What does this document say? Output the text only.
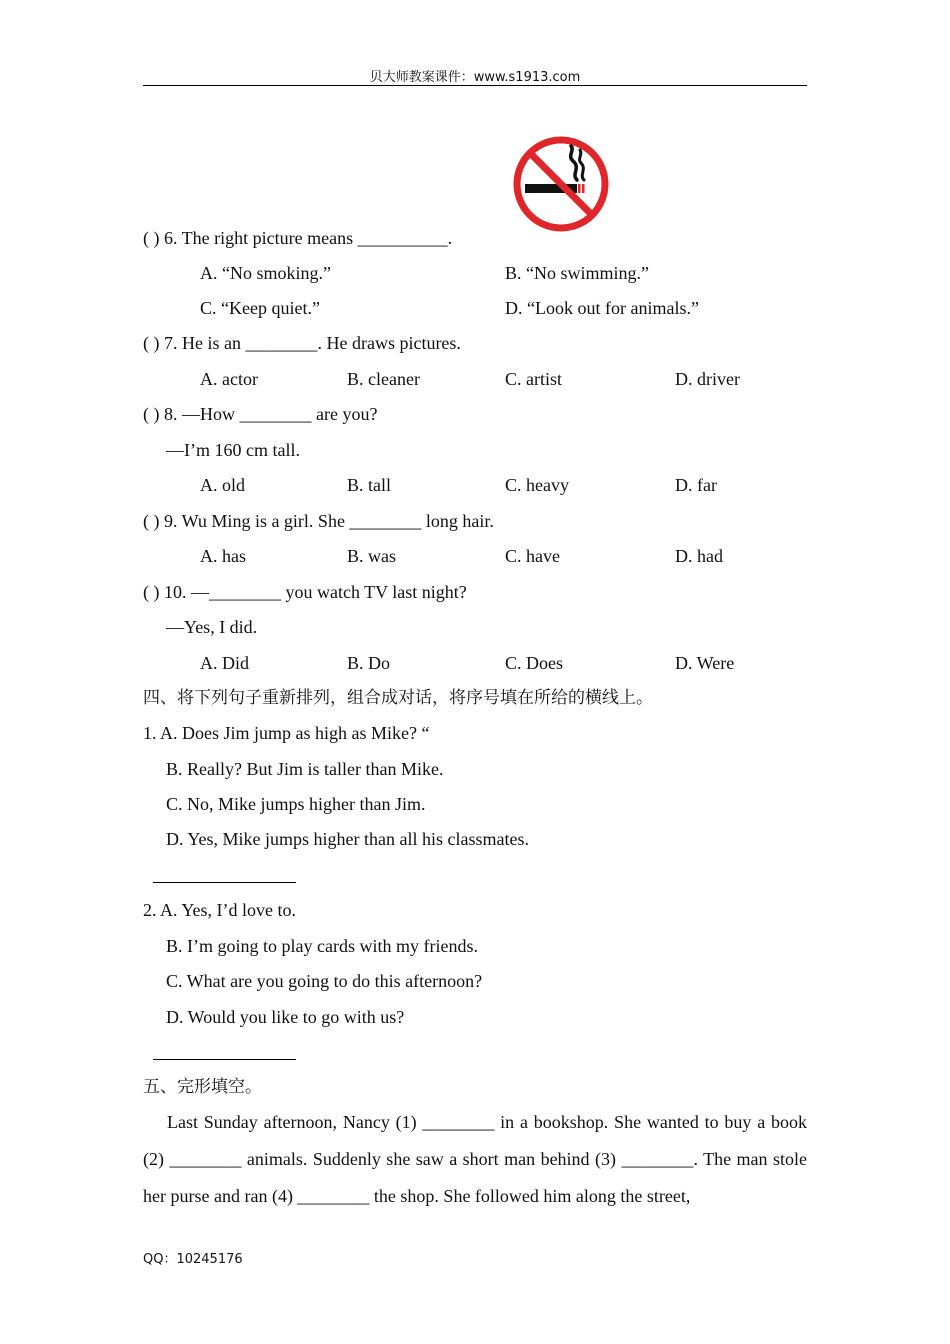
贝大师教案课件：www.s1913.com
( ) 6. The right picture means __________.
A. “No smoking.”	B. “No swimming.”
C. “Keep quiet.”	D. “Look out for animals.”
( ) 7. He is an ________. He draws pictures.
A. actor	B. cleaner	C. artist	D. driver
( ) 8. —How ________ are you?
—I’m 160 cm tall.
A. old	B. tall	C. heavy	D. far
( ) 9. Wu Ming is a girl. She ________ long hair.
A. has	B. was	C. have	D. had
( ) 10. —________ you watch TV last night?
—Yes, I did.
A. Did	B. Do	C. Does	D. Were
四、将下列句子重新排列，组合成对话，将序号填在所给的横线上。
1. A. Does Jim jump as high as Mike? “
B. Really? But Jim is taller than Mike.
C. No, Mike jumps higher than Jim.
D. Yes, Mike jumps higher than all his classmates.
2. A. Yes, I’d love to.
B. I’m going to play cards with my friends.
C. What are you going to do this afternoon?
D. Would you like to go with us?
五、完形填空。
Last Sunday afternoon, Nancy (1) ________ in a bookshop. She wanted to buy a book (2) ________ animals. Suddenly she saw a short man behind (3) ________. The man stole her purse and ran (4) ________ the shop. She followed him along the street,
QQ：10245176
